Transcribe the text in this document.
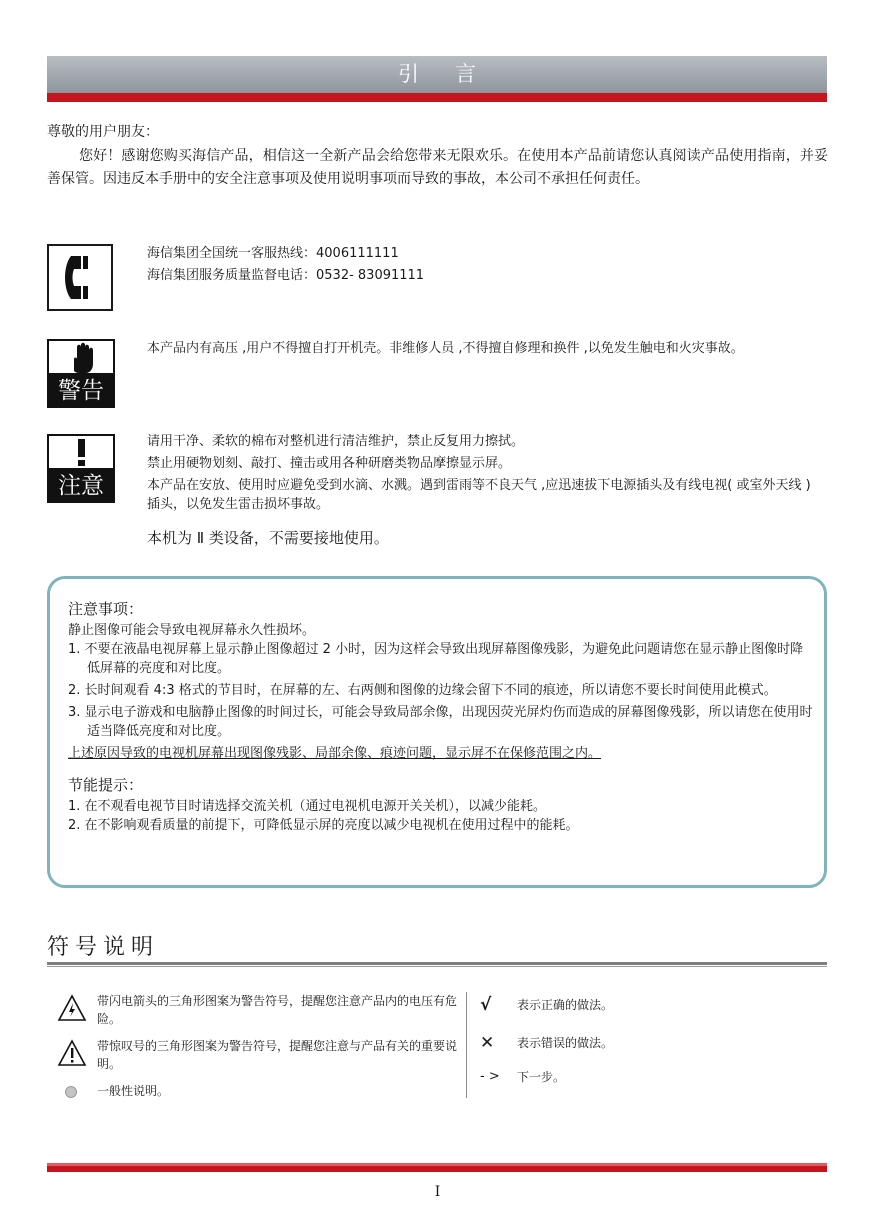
引言

尊敬的用户朋友：

您好！感谢您购买海信产品，相信这一全新产品会给您带来无限欢乐。在使用本产品前请您认真阅读产品使用指南，并妥善保管。因违反本手册中的安全注意事项及使用说明事项而导致的事故，本公司不承担任何责任。

海信集团全国统一客服热线：4006111111
海信集团服务质量监督电话：0532- 83091111
警告
本产品内有高压 ,用户不得擅自打开机壳。非维修人员 ,不得擅自修理和换件 ,以免发生触电和火灾事故。
注意
请用干净、柔软的棉布对整机进行清洁维护，禁止反复用力擦拭。
禁止用硬物划刻、敲打、撞击或用各种研磨类物品摩擦显示屏。
本产品在安放、使用时应避免受到水滴、水溅。遇到雷雨等不良天气 ,应迅速拔下电源插头及有线电视( 或室外天线 ) 插头，以免发生雷击损坏事故。
本机为 Ⅱ 类设备，不需要接地使用。
注意事项：
静止图像可能会导致电视屏幕永久性损坏。
1. 不要在液晶电视屏幕上显示静止图像超过 2 小时，因为这样会导致出现屏幕图像残影，为避免此问题请您在显示静止图像时降低屏幕的亮度和对比度。
2. 长时间观看 4:3 格式的节目时，在屏幕的左、右两侧和图像的边缘会留下不同的痕迹，所以请您不要长时间使用此模式。
3. 显示电子游戏和电脑静止图像的时间过长，可能会导致局部余像，出现因荧光屏灼伤而造成的屏幕图像残影，所以请您在使用时适当降低亮度和对比度。
上述原因导致的电视机屏幕出现图像残影、局部余像、痕迹问题，显示屏不在保修范围之内。
节能提示：
1. 在不观看电视节目时请选择交流关机（通过电视机电源开关关机），以减少能耗。
2. 在不影响观看质量的前提下，可降低显示屏的亮度以减少电视机在使用过程中的能耗。
符号说明
带闪电箭头的三角形图案为警告符号，提醒您注意产品内的电压有危险。
带惊叹号的三角形图案为警告符号，提醒您注意与产品有关的重要说明。
一般性说明。
√ 表示正确的做法。
✕ 表示错误的做法。
- > 下一步。
I
